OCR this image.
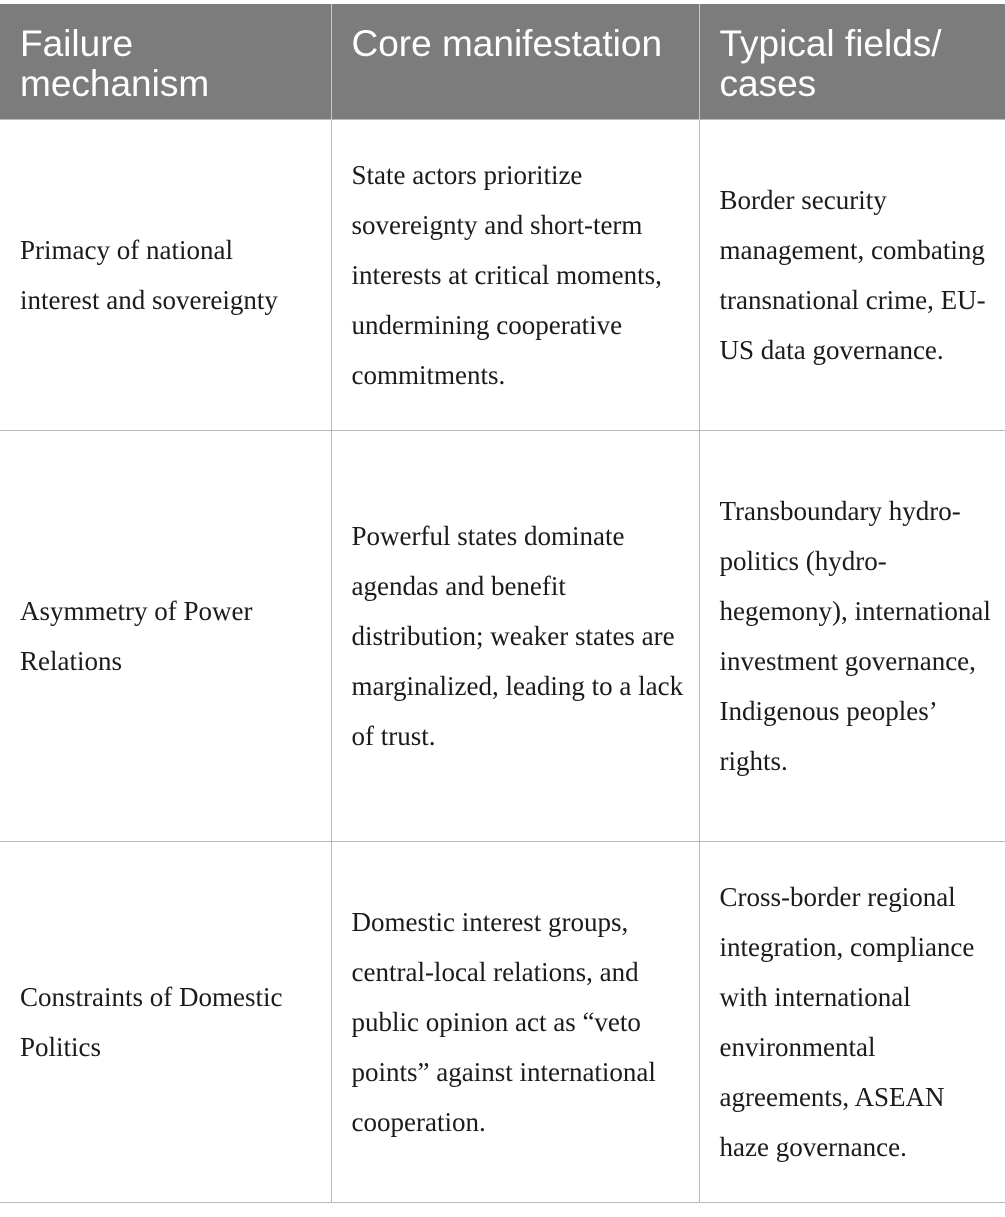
Failure mechanism	Core manifestation	Typical fields/ cases
Primacy of national interest and sovereignty	State actors prioritize sovereignty and short-term interests at critical moments, undermining cooperative commitments.	Border security management, combating transnational crime, EU-US data governance.
Asymmetry of Power Relations	Powerful states dominate agendas and benefit distribution; weaker states are marginalized, leading to a lack of trust.	Transboundary hydro-politics (hydro-hegemony), international investment governance, Indigenous peoples’ rights.
Constraints of Domestic Politics	Domestic interest groups, central-local relations, and public opinion act as “veto points” against international cooperation.	Cross-border regional integration, compliance with international environmental agreements, ASEAN haze governance.
